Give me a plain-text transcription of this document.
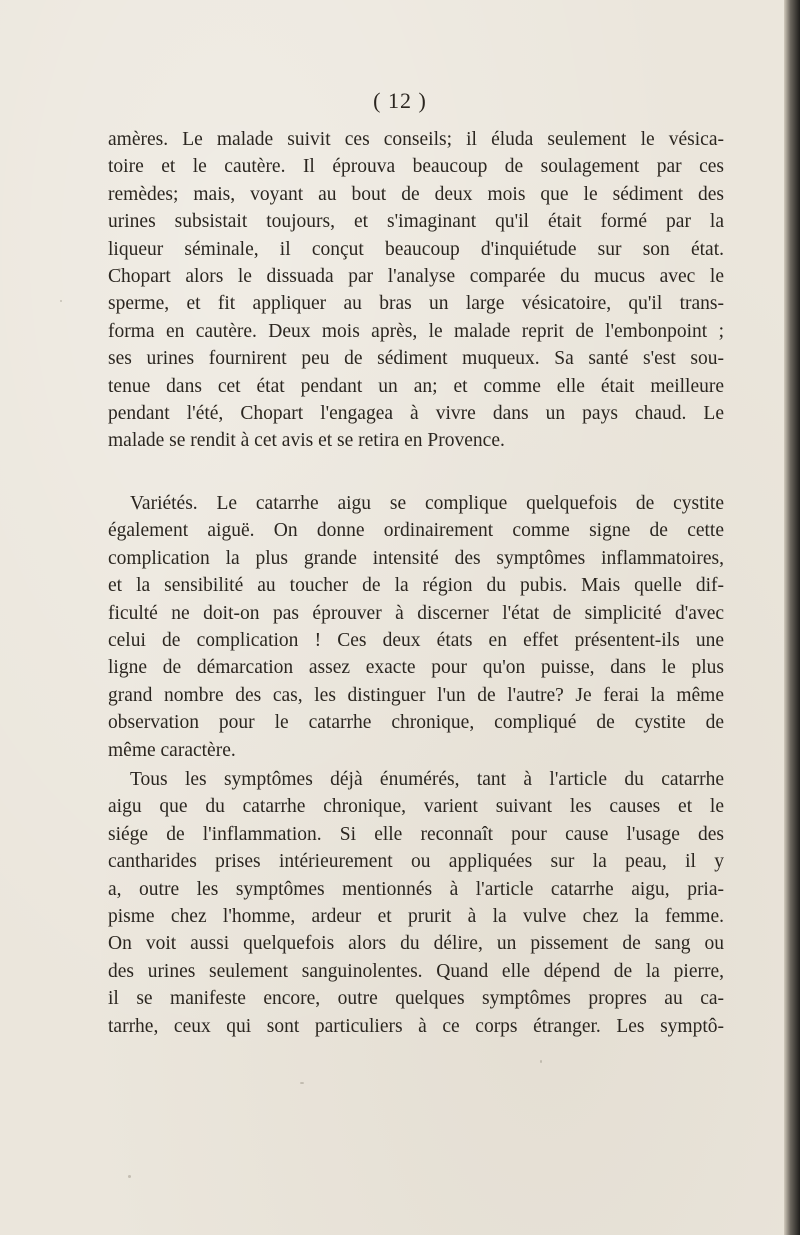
( 12 )
amères. Le malade suivit ces conseils; il éluda seulement le vésica-
toire et le cautère. Il éprouva beaucoup de soulagement par ces
remèdes; mais, voyant au bout de deux mois que le sédiment des
urines subsistait toujours, et s'imaginant qu'il était formé par la
liqueur séminale, il conçut beaucoup d'inquiétude sur son état.
Chopart alors le dissuada par l'analyse comparée du mucus avec le
sperme, et fit appliquer au bras un large vésicatoire, qu'il trans-
forma en cautère. Deux mois après, le malade reprit de l'embonpoint ;
ses urines fournirent peu de sédiment muqueux. Sa santé s'est sou-
tenue dans cet état pendant un an; et comme elle était meilleure
pendant l'été, Chopart l'engagea à vivre dans un pays chaud. Le
malade se rendit à cet avis et se retira en Provence.
Variétés. Le catarrhe aigu se complique quelquefois de cystite
également aiguë. On donne ordinairement comme signe de cette
complication la plus grande intensité des symptômes inflammatoires,
et la sensibilité au toucher de la région du pubis. Mais quelle dif-
ficulté ne doit-on pas éprouver à discerner l'état de simplicité d'avec
celui de complication ! Ces deux états en effet présentent-ils une
ligne de démarcation assez exacte pour qu'on puisse, dans le plus
grand nombre des cas, les distinguer l'un de l'autre? Je ferai la même
observation pour le catarrhe chronique, compliqué de cystite de
même caractère.
Tous les symptômes déjà énumérés, tant à l'article du catarrhe
aigu que du catarrhe chronique, varient suivant les causes et le
siége de l'inflammation. Si elle reconnaît pour cause l'usage des
cantharides prises intérieurement ou appliquées sur la peau, il y
a, outre les symptômes mentionnés à l'article catarrhe aigu, pria-
pisme chez l'homme, ardeur et prurit à la vulve chez la femme.
On voit aussi quelquefois alors du délire, un pissement de sang ou
des urines seulement sanguinolentes. Quand elle dépend de la pierre,
il se manifeste encore, outre quelques symptômes propres au ca-
tarrhe, ceux qui sont particuliers à ce corps étranger. Les symptô-
